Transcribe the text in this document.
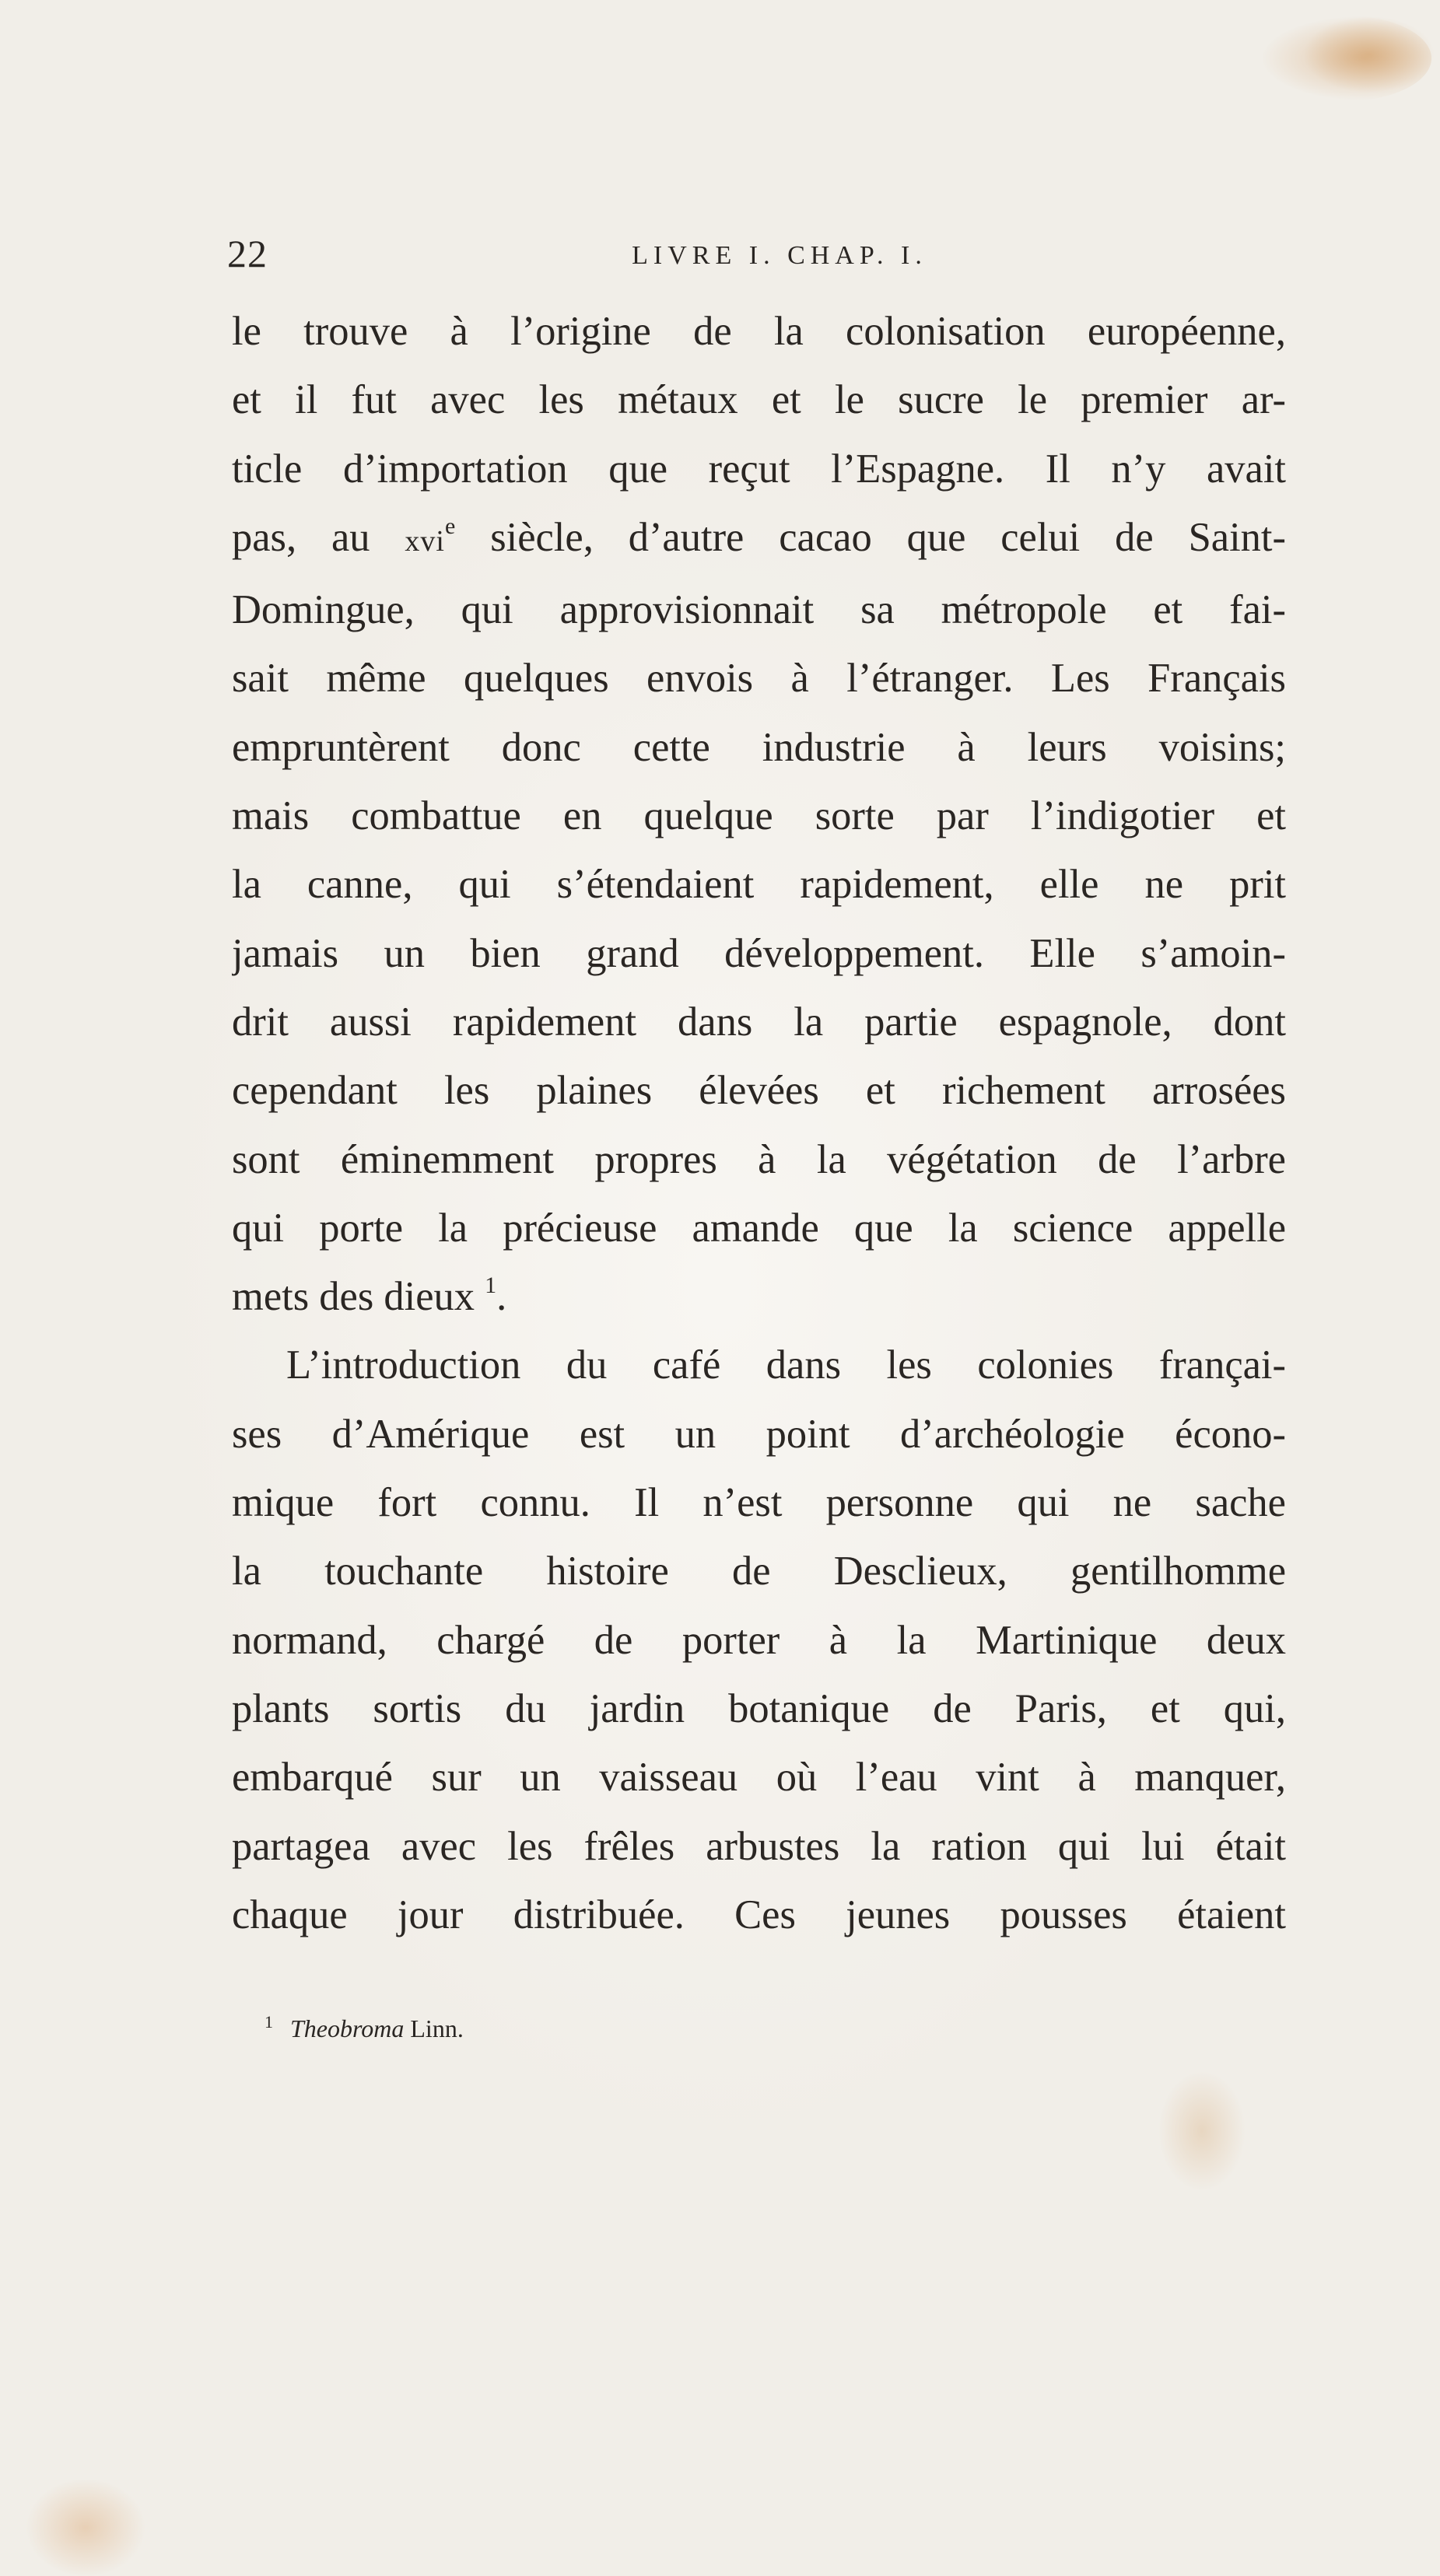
22	LIVRE I. CHAP. I.

le trouve à l’origine de la colonisation européenne,
et il fut avec les métaux et le sucre le premier ar-
ticle d’importation que reçut l’Espagne. Il n’y avait
pas, au xvi$^e$ siècle, d’autre cacao que celui de Saint-
Domingue, qui approvisionnait sa métropole et fai-
sait même quelques envois à l’étranger. Les Français
empruntèrent donc cette industrie à leurs voisins;
mais combattue en quelque sorte par l’indigotier et
la canne, qui s’étendaient rapidement, elle ne prit
jamais un bien grand développement. Elle s’amoin-
drit aussi rapidement dans la partie espagnole, dont
cependant les plaines élevées et richement arrosées
sont éminemment propres à la végétation de l’arbre
qui porte la précieuse amande que la science appelle
mets des dieux $^1$.

L’introduction du café dans les colonies françai-
ses d’Amérique est un point d’archéologie écono-
mique fort connu. Il n’est personne qui ne sache
la touchante histoire de Desclieux, gentilhomme
normand, chargé de porter à la Martinique deux
plants sortis du jardin botanique de Paris, et qui,
embarqué sur un vaisseau où l’eau vint à manquer,
partagea avec les frêles arbustes la ration qui lui était
chaque jour distribuée. Ces jeunes pousses étaient

$^1$ Theobroma Linn.
